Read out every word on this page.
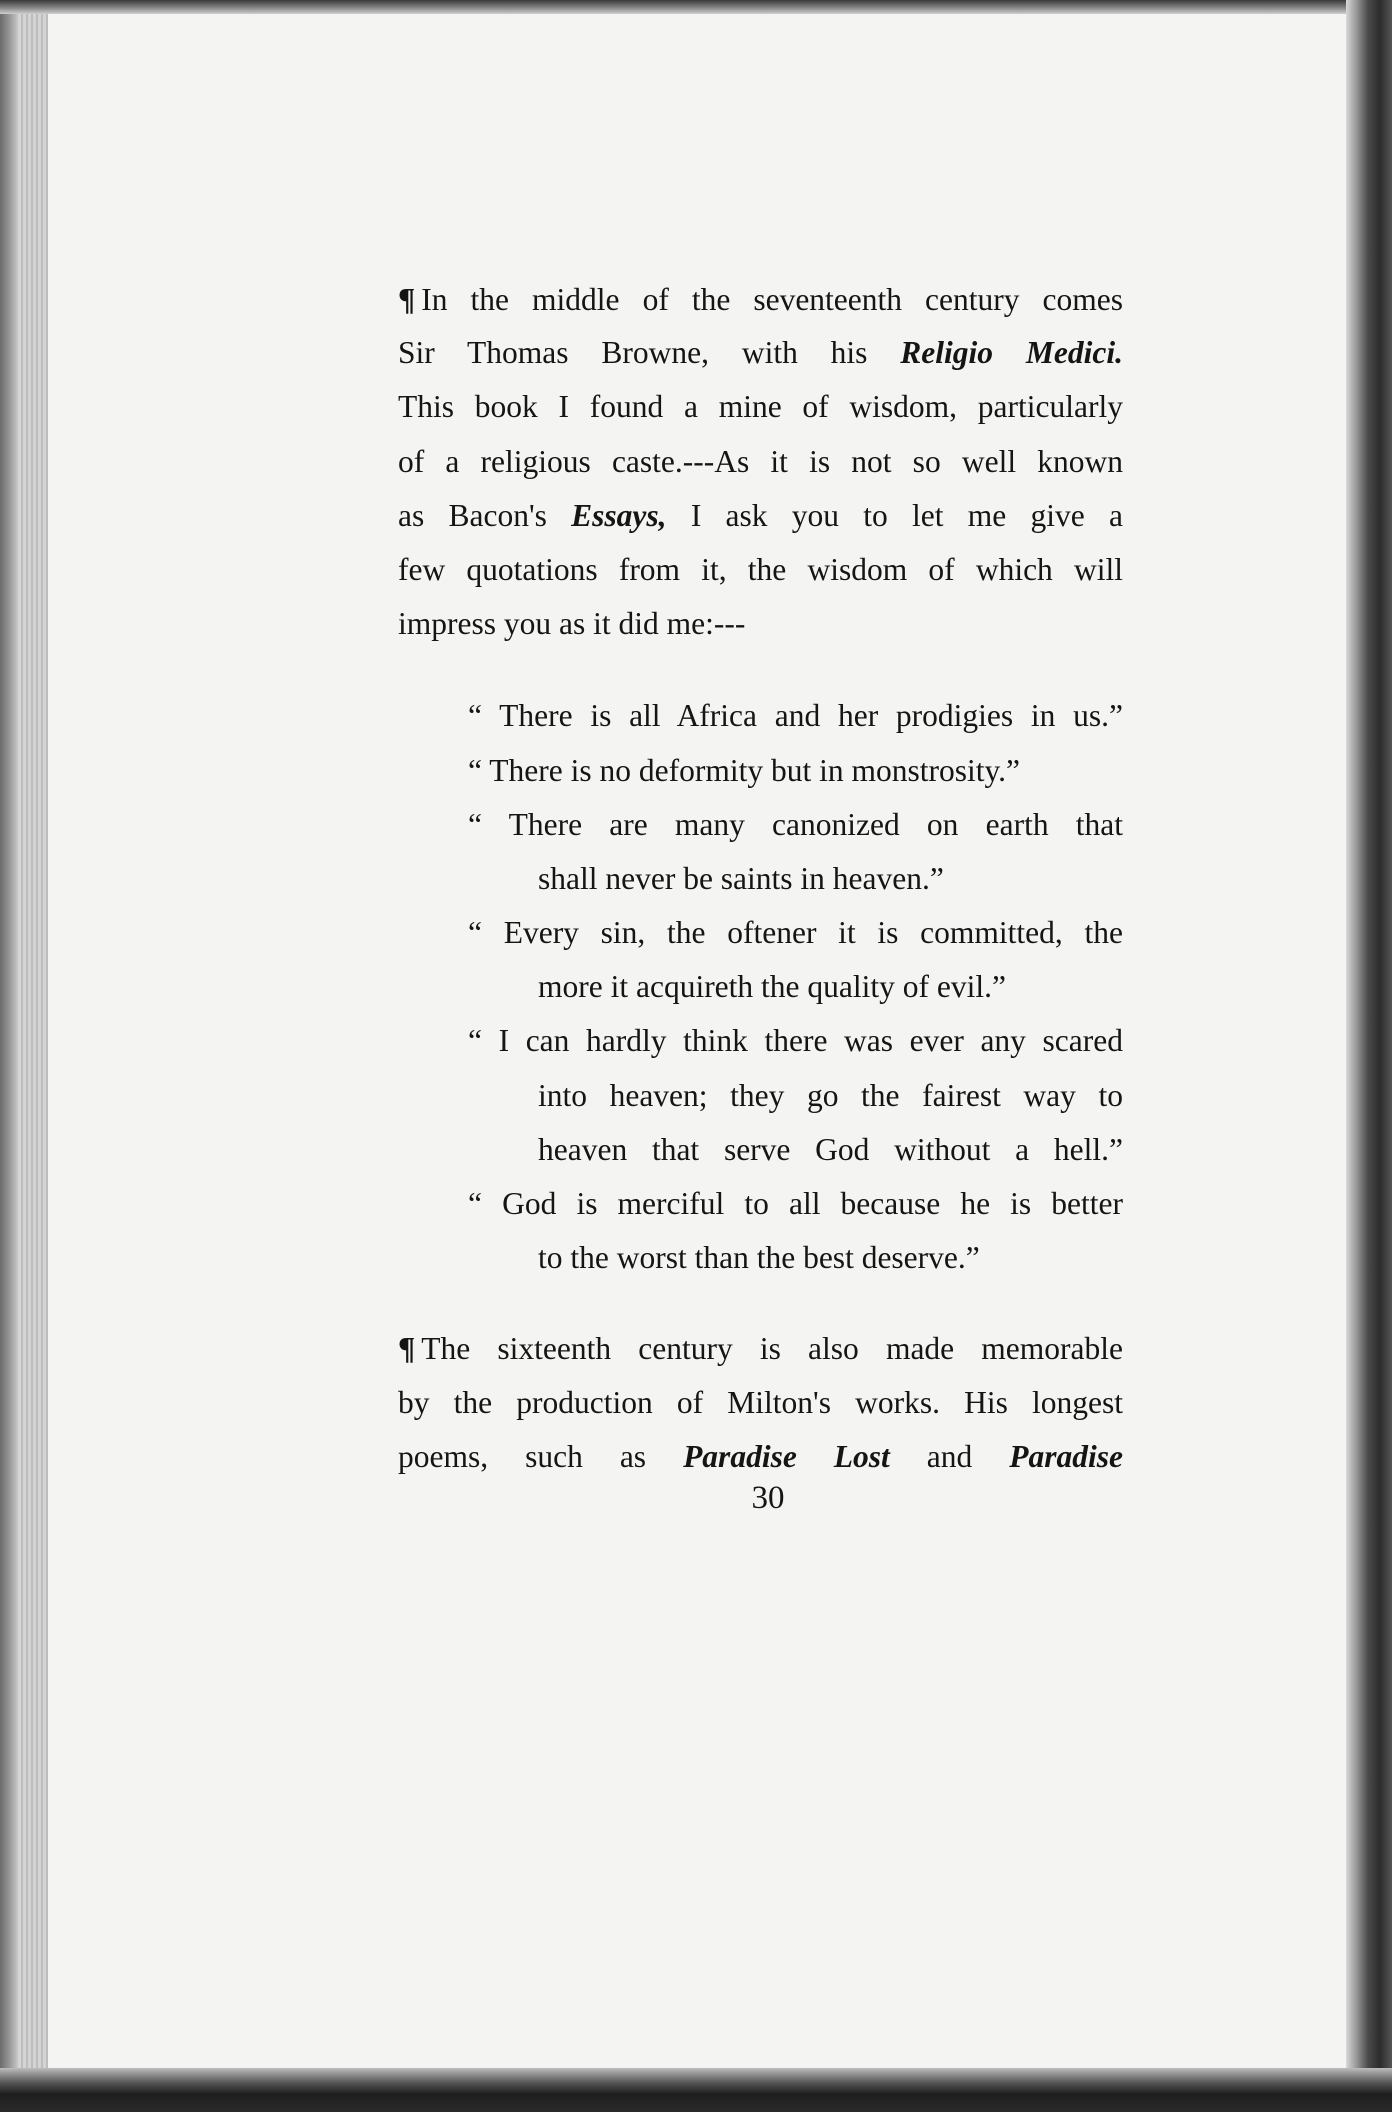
¶ In the middle of the seventeenth century comes
Sir Thomas Browne, with his Religio Medici.
This book I found a mine of wisdom, particularly
of a religious caste.---As it is not so well known
as Bacon's Essays, I ask you to let me give a
few quotations from it, the wisdom of which will
impress you as it did me:---
“ There is all Africa and her prodigies in us.”
“ There is no deformity but in monstrosity.”
“ There are many canonized on earth that
shall never be saints in heaven.”
“ Every sin, the oftener it is committed, the
more it acquireth the quality of evil.”
“ I can hardly think there was ever any scared
into heaven; they go the fairest way to
heaven that serve God without a hell.”
“ God is merciful to all because he is better
to the worst than the best deserve.”
¶ The sixteenth century is also made memorable
by the production of Milton's works. His longest
poems, such as Paradise Lost and Paradise
30
